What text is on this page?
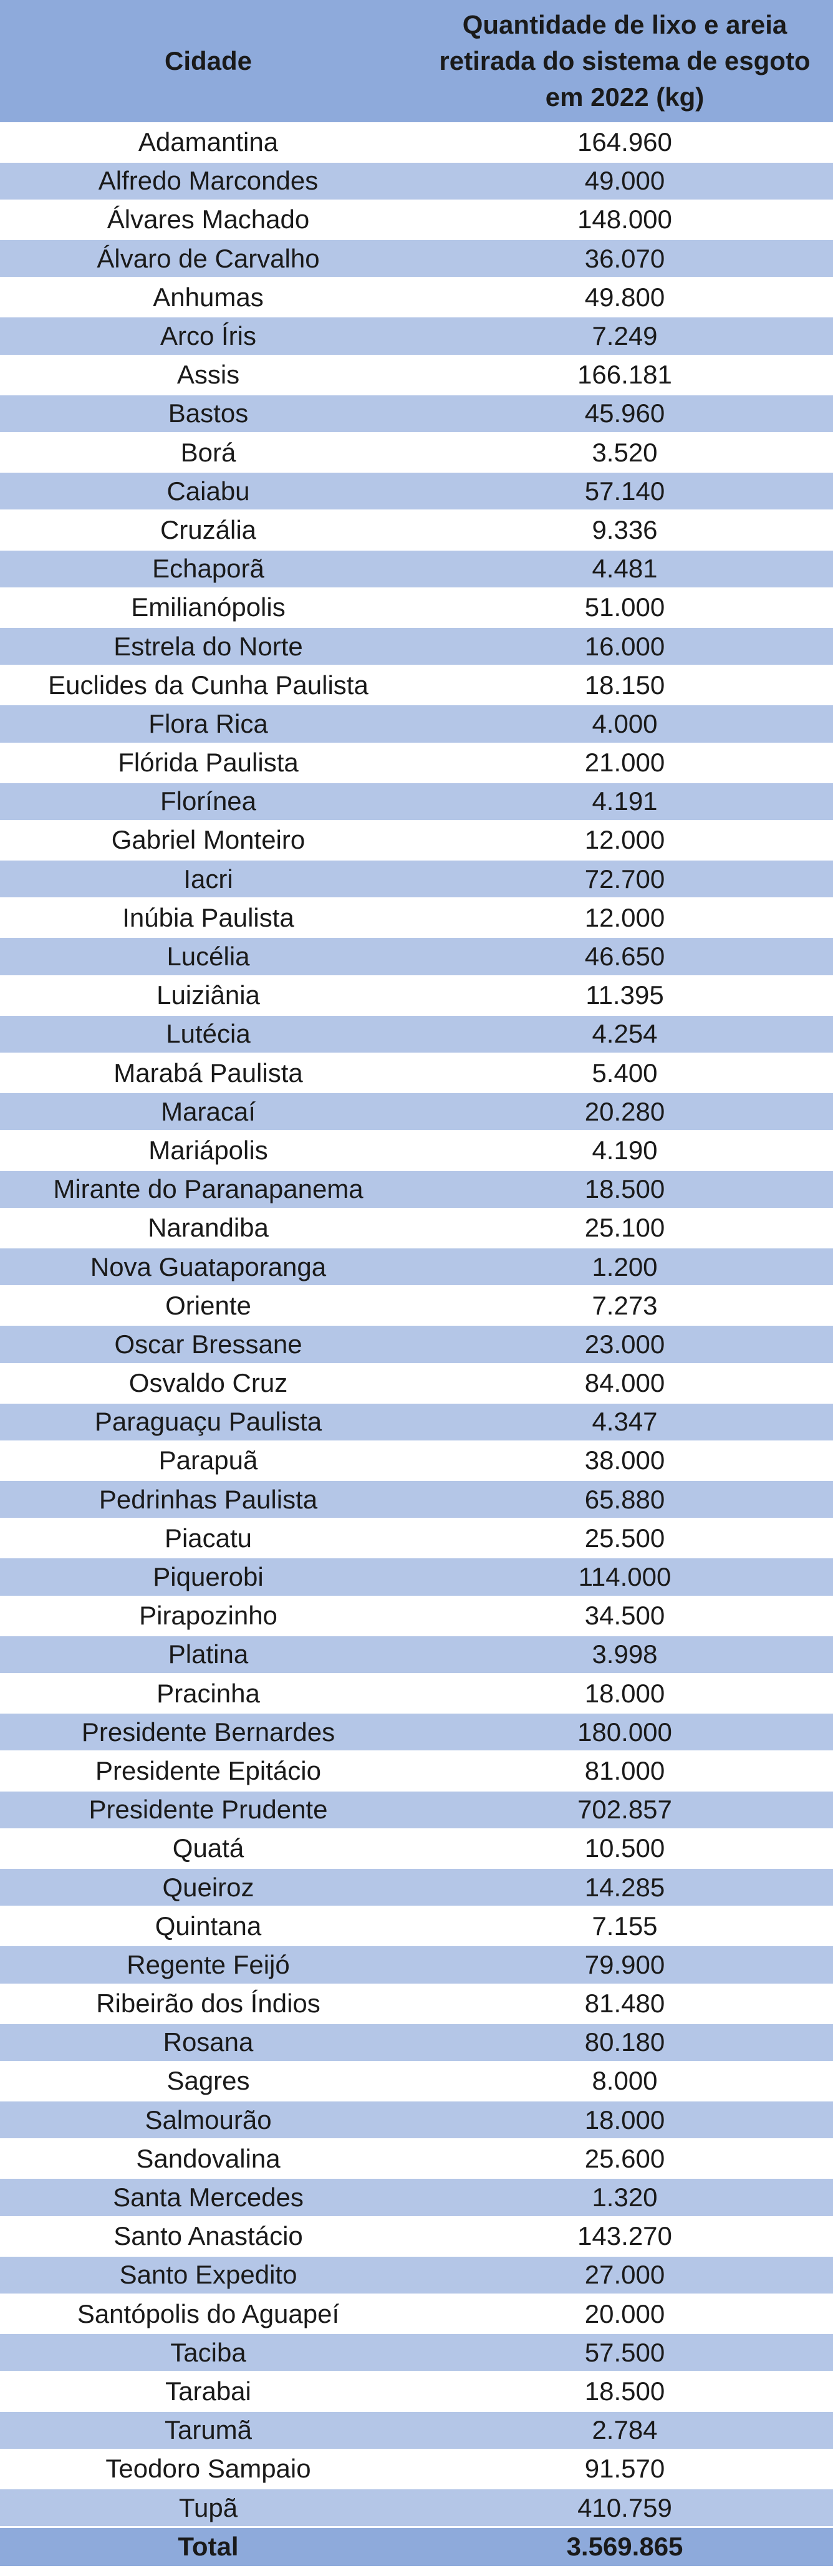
Cidade	Quantidade de lixo e areia retirada do sistema de esgoto em 2022 (kg)
Adamantina	164.960
Alfredo Marcondes	49.000
Álvares Machado	148.000
Álvaro de Carvalho	36.070
Anhumas	49.800
Arco Íris	7.249
Assis	166.181
Bastos	45.960
Borá	3.520
Caiabu	57.140
Cruzália	9.336
Echaporã	4.481
Emilianópolis	51.000
Estrela do Norte	16.000
Euclides da Cunha Paulista	18.150
Flora Rica	4.000
Flórida Paulista	21.000
Florínea	4.191
Gabriel Monteiro	12.000
Iacri	72.700
Inúbia Paulista	12.000
Lucélia	46.650
Luiziânia	11.395
Lutécia	4.254
Marabá Paulista	5.400
Maracaí	20.280
Mariápolis	4.190
Mirante do Paranapanema	18.500
Narandiba	25.100
Nova Guataporanga	1.200
Oriente	7.273
Oscar Bressane	23.000
Osvaldo Cruz	84.000
Paraguaçu Paulista	4.347
Parapuã	38.000
Pedrinhas Paulista	65.880
Piacatu	25.500
Piquerobi	114.000
Pirapozinho	34.500
Platina	3.998
Pracinha	18.000
Presidente Bernardes	180.000
Presidente Epitácio	81.000
Presidente Prudente	702.857
Quatá	10.500
Queiroz	14.285
Quintana	7.155
Regente Feijó	79.900
Ribeirão dos Índios	81.480
Rosana	80.180
Sagres	8.000
Salmourão	18.000
Sandovalina	25.600
Santa Mercedes	1.320
Santo Anastácio	143.270
Santo Expedito	27.000
Santópolis do Aguapeí	20.000
Taciba	57.500
Tarabai	18.500
Tarumã	2.784
Teodoro Sampaio	91.570
Tupã	410.759
Total	3.569.865
